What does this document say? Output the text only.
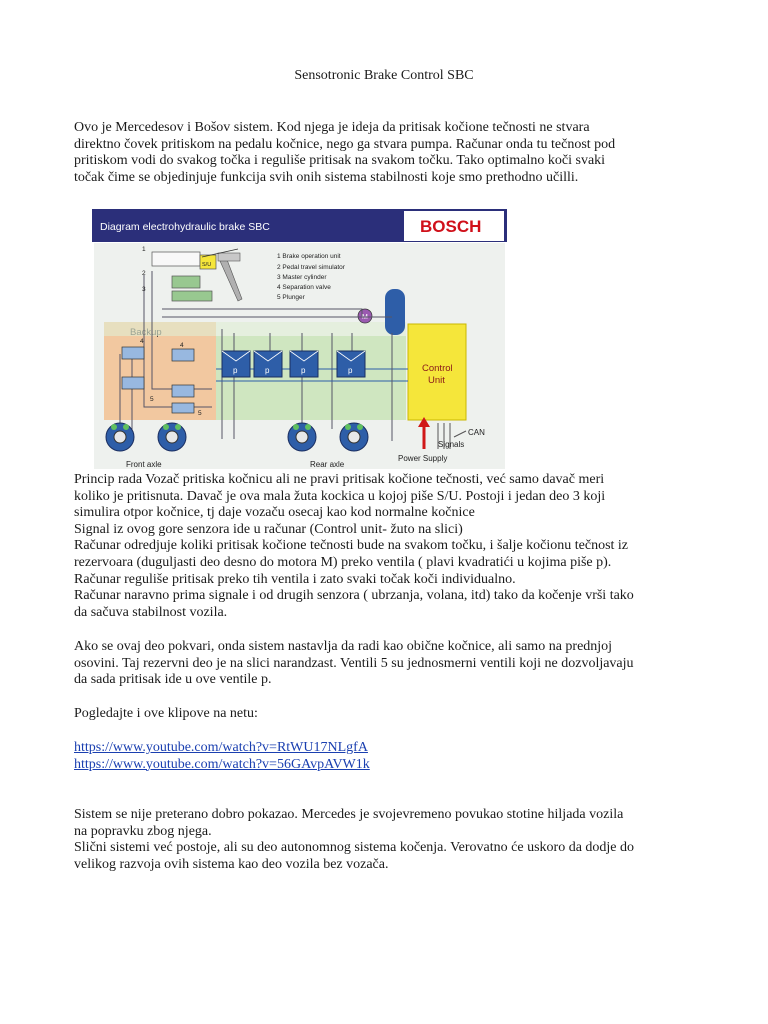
Sensotronic Brake Control SBC
Ovo je Mercedesov i Bošov sistem. Kod njega je ideja da pritisak kočione tečnosti ne stvara
direktno čovek pritiskom na pedalu kočnice, nego ga stvara pumpa. Računar onda tu tečnost pod
pritiskom vodi do svakog točka i reguliše pritisak na svakom točku. Tako optimalno koči svaki
točak čime se objedinjuje funkcija svih onih sistema stabilnosti koje smo prethodno učilli.
Diagram electrohydraulic brake SBC	BOSCH
Control
Unit
M
1 Brake operation unit
2 Pedal travel simulator
3 Master cylinder
4 Separation valve
5 Plunger
p	p	p	p
1
2
3
4
4
5
5
CAN
Signals
Power Supply
Front axle	Rear axle
S/U
Princip rada Vozač pritiska kočnicu ali ne pravi pritisak kočione tečnosti, već samo davač meri
koliko je pritisnuta. Davač je ova mala žuta kockica u kojoj piše S/U. Postoji i jedan deo 3 koji
simulira otpor kočnice, tj daje vozaču osecaj kao kod normalne kočnice
Signal iz ovog gore senzora ide u računar (Control unit- žuto na slici)
Računar odredjuje koliki pritisak kočione tečnosti bude na svakom točku, i šalje kočionu tečnost iz
rezervoara (duguljasti deo desno do motora M) preko ventila ( plavi kvadratići u kojima piše p).
Računar reguliše pritisak preko tih ventila i zato svaki točak koči individualno.
Računar naravno prima signale i od drugih senzora ( ubrzanja, volana, itd) tako da kočenje vrši tako
da sačuva stabilnost vozila.
Ako se ovaj deo pokvari, onda sistem nastavlja da radi kao obične kočnice, ali samo na prednjoj
osovini. Taj rezervni deo je na slici narandzast. Ventili 5 su jednosmerni ventili koji ne dozvoljavaju
da sada pritisak ide u ove ventile p.
Pogledajte i ove klipove na netu:
https://www.youtube.com/watch?v=RtWU17NLgfA
https://www.youtube.com/watch?v=56GAvpAVW1k
Sistem se nije preterano dobro pokazao. Mercedes je svojevremeno povukao stotine hiljada vozila
na popravku zbog njega.
Slični sistemi već postoje, ali su deo autonomnog sistema kočenja. Verovatno će uskoro da dodje do
velikog razvoja ovih sistema kao deo vozila bez vozača.
